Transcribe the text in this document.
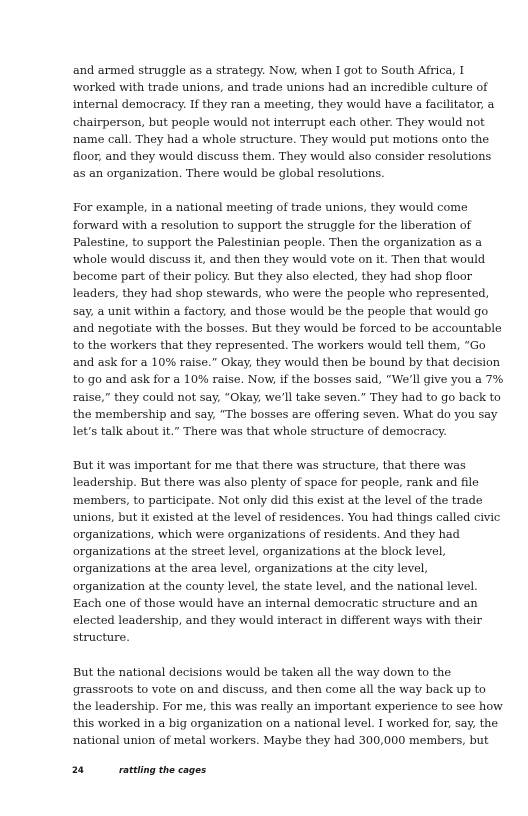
and armed struggle as a strategy. Now, when I got to South Africa, I
worked with trade unions, and trade unions had an incredible culture of
internal democracy. If they ran a meeting, they would have a facilitator, a
chairperson, but people would not interrupt each other. They would not
name call. They had a whole structure. They would put motions onto the
floor, and they would discuss them. They would also consider resolutions
as an organization. There would be global resolutions.

For example, in a national meeting of trade unions, they would come
forward with a resolution to support the struggle for the liberation of
Palestine, to support the Palestinian people. Then the organization as a
whole would discuss it, and then they would vote on it. Then that would
become part of their policy. But they also elected, they had shop floor
leaders, they had shop stewards, who were the people who represented,
say, a unit within a factory, and those would be the people that would go
and negotiate with the bosses. But they would be forced to be accountable
to the workers that they represented. The workers would tell them, “Go
and ask for a 10% raise.” Okay, they would then be bound by that decision
to go and ask for a 10% raise. Now, if the bosses said, “We’ll give you a 7%
raise,” they could not say, “Okay, we’ll take seven.” They had to go back to
the membership and say, “The bosses are offering seven. What do you say
let’s talk about it.” There was that whole structure of democracy.

But it was important for me that there was structure, that there was
leadership. But there was also plenty of space for people, rank and file
members, to participate. Not only did this exist at the level of the trade
unions, but it existed at the level of residences. You had things called civic
organizations, which were organizations of residents. And they had
organizations at the street level, organizations at the block level,
organizations at the area level, organizations at the city level,
organization at the county level, the state level, and the national level.
Each one of those would have an internal democratic structure and an
elected leadership, and they would interact in different ways with their
structure.

But the national decisions would be taken all the way down to the
grassroots to vote on and discuss, and then come all the way back up to
the leadership. For me, this was really an important experience to see how
this worked in a big organization on a national level. I worked for, say, the
national union of metal workers. Maybe they had 300,000 members, but

24	rattling the cages
